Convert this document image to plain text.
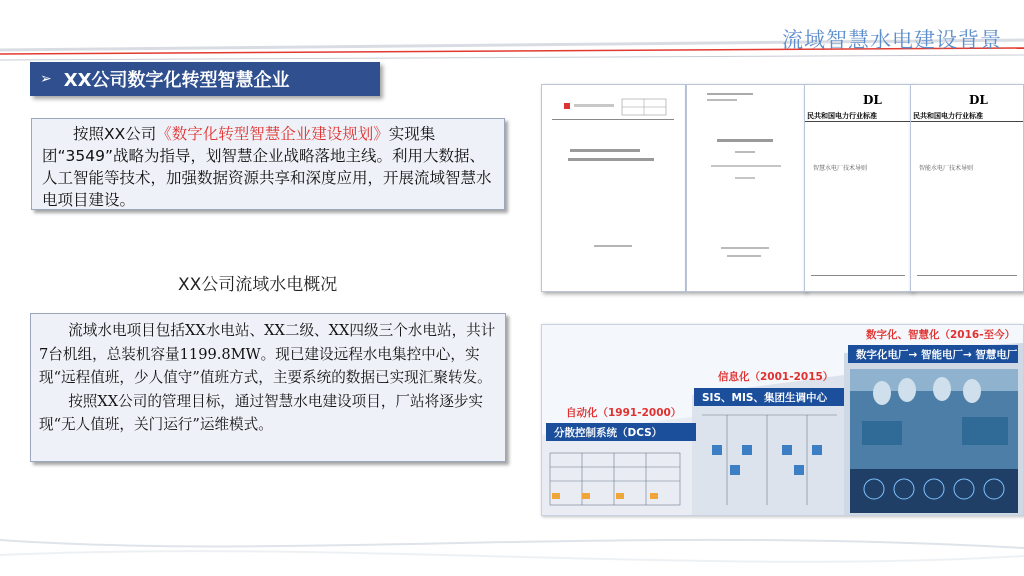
流域智慧水电建设背景
➢ XX公司数字化转型智慧企业
按照XX公司《数字化转型智慧企业建设规划》实现集团“3549”战略为指导，划智慧企业战略落地主线。利用大数据、人工智能等技术，加强数据资源共享和深度应用，开展流域智慧水电项目建设。
XX公司流域水电概况

流域水电项目包括XX水电站、XX二级、XX四级三个水电站，共计7台机组，总装机容量1199.8MW。现已建设远程水电集控中心，实现“远程值班，少人值守”值班方式，主要系统的数据已实现汇聚转发。

按照XX公司的管理目标，通过智慧水电建设项目，厂站将逐步实现“无人值班，关门运行”运维模式。

DL
民共和国电力行业标准
智慧水电厂技术导则
DL
民共和国电力行业标准
智能水电厂技术导则
自动化（1991-2000）
分散控制系统（DCS）
信息化（2001-2015）
SIS、MIS、集团生调中心
数字化、智慧化（2016-至今）
数字化电厂→ 智能电厂→ 智慧电厂
